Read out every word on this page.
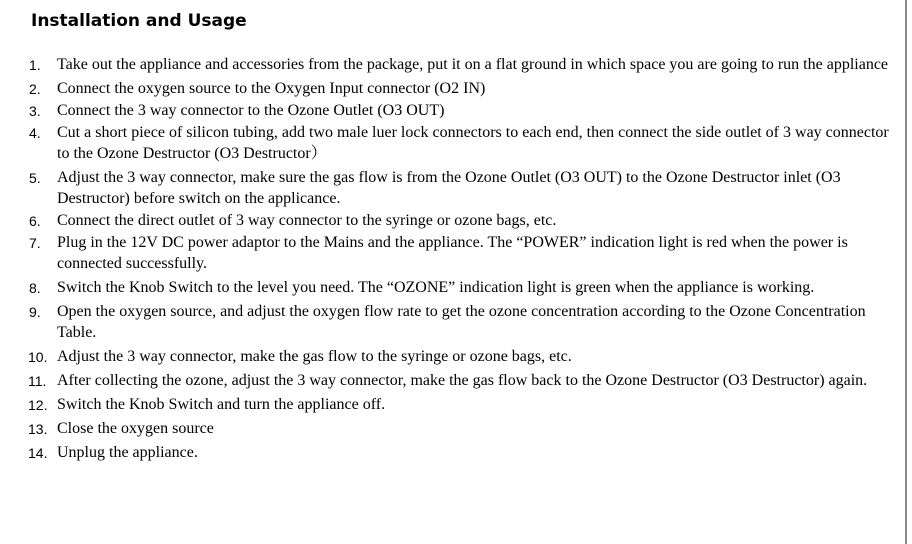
Installation and Usage
1. Take out the appliance and accessories from the package, put it on a flat ground in which space you are going to run the appliance
2. Connect the oxygen source to the Oxygen Input connector (O2 IN)
3. Connect the 3 way connector to the Ozone Outlet (O3 OUT)
4. Cut a short piece of silicon tubing, add two male luer lock connectors to each end, then connect the side outlet of 3 way connector to the Ozone Destructor (O3 Destructor）
5. Adjust the 3 way connector, make sure the gas flow is from the Ozone Outlet (O3 OUT) to the Ozone Destructor inlet (O3 Destructor) before switch on the applicance.
6. Connect the direct outlet of 3 way connector to the syringe or ozone bags, etc.
7. Plug in the 12V DC power adaptor to the Mains and the appliance. The “POWER” indication light is red when the power is connected successfully.
8. Switch the Knob Switch to the level you need. The “OZONE” indication light is green when the appliance is working.
9. Open the oxygen source, and adjust the oxygen flow rate to get the ozone concentration according to the Ozone Concentration Table.
10. Adjust the 3 way connector, make the gas flow to the syringe or ozone bags, etc.
11. After collecting the ozone, adjust the 3 way connector, make the gas flow back to the Ozone Destructor (O3 Destructor) again.
12. Switch the Knob Switch and turn the appliance off.
13. Close the oxygen source
14. Unplug the appliance.
